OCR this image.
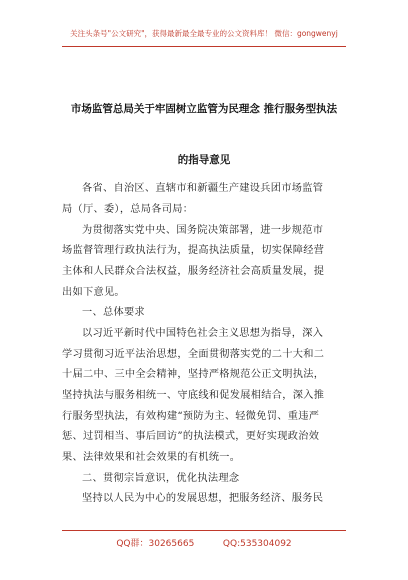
关注头条号"公文研究"，获得最新最全最专业的公文资料库！ 微信：gongwenyj
市场监管总局关于牢固树立监管为民理念 推行服务型执法
的指导意见
各省、自治区、直辖市和新疆生产建设兵团市场监管
局（厅、委），总局各司局：
为贯彻落实党中央、国务院决策部署，进一步规范市
场监督管理行政执法行为，提高执法质量，切实保障经营
主体和人民群众合法权益，服务经济社会高质量发展，提
出如下意见。
一、总体要求
以习近平新时代中国特色社会主义思想为指导，深入
学习贯彻习近平法治思想，全面贯彻落实党的二十大和二
十届二中、三中全会精神，坚持严格规范公正文明执法，
坚持执法与服务相统一、守底线和促发展相结合，深入推
行服务型执法，有效构建“预防为主、轻微免罚、重违严
惩、过罚相当、事后回访”的执法模式，更好实现政治效
果、法律效果和社会效果的有机统一。
二、贯彻宗旨意识，优化执法理念
坚持以人民为中心的发展思想，把服务经济、服务民
QQ群：30265665          QQ:535304092
